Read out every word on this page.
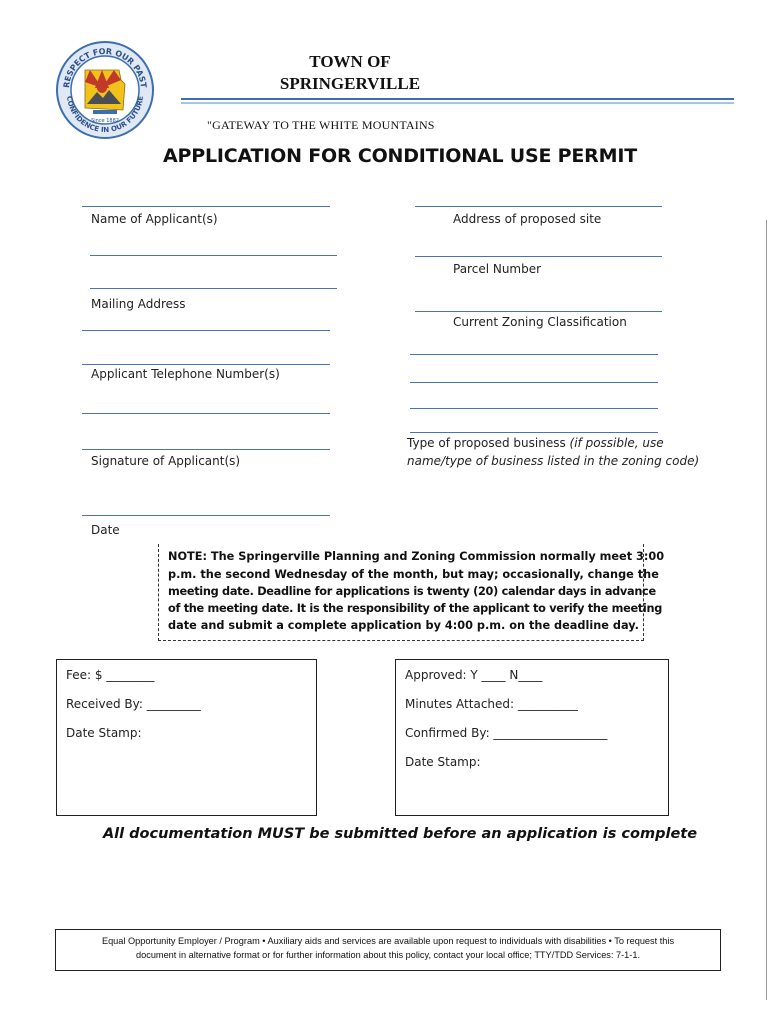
RESPECT FOR OUR PAST
CONFIDENCE IN OUR FUTURE
Since 1882
TOWN OF
SPRINGERVILLE
"GATEWAY TO THE WHITE MOUNTAINS
APPLICATION FOR CONDITIONAL USE PERMIT
Name of Applicant(s)
Mailing Address
Applicant Telephone Number(s)
Signature of Applicant(s)
Date
Address of proposed site
Parcel Number
Current Zoning Classification
Type of proposed business (if possible, use
name/type of business listed in the zoning code)
NOTE: The Springerville Planning and Zoning Commission normally meet 3:00
p.m. the second Wednesday of the month, but may; occasionally, change the
meeting date. Deadline for applications is twenty (20) calendar days in advance
of the meeting date. It is the responsibility of the applicant to verify the meeting
date and submit a complete application by 4:00 p.m. on the deadline day.
Fee: $ ________
Received By: _________
Date Stamp:
Approved: Y ____ N____
Minutes Attached: __________
Confirmed By: ___________________
Date Stamp:
All documentation MUST be submitted before an application is complete
Equal Opportunity Employer / Program • Auxiliary aids and services are available upon request to individuals with disabilities • To request this
document in alternative format or for further information about this policy, contact your local office; TTY/TDD Services: 7-1-1.
